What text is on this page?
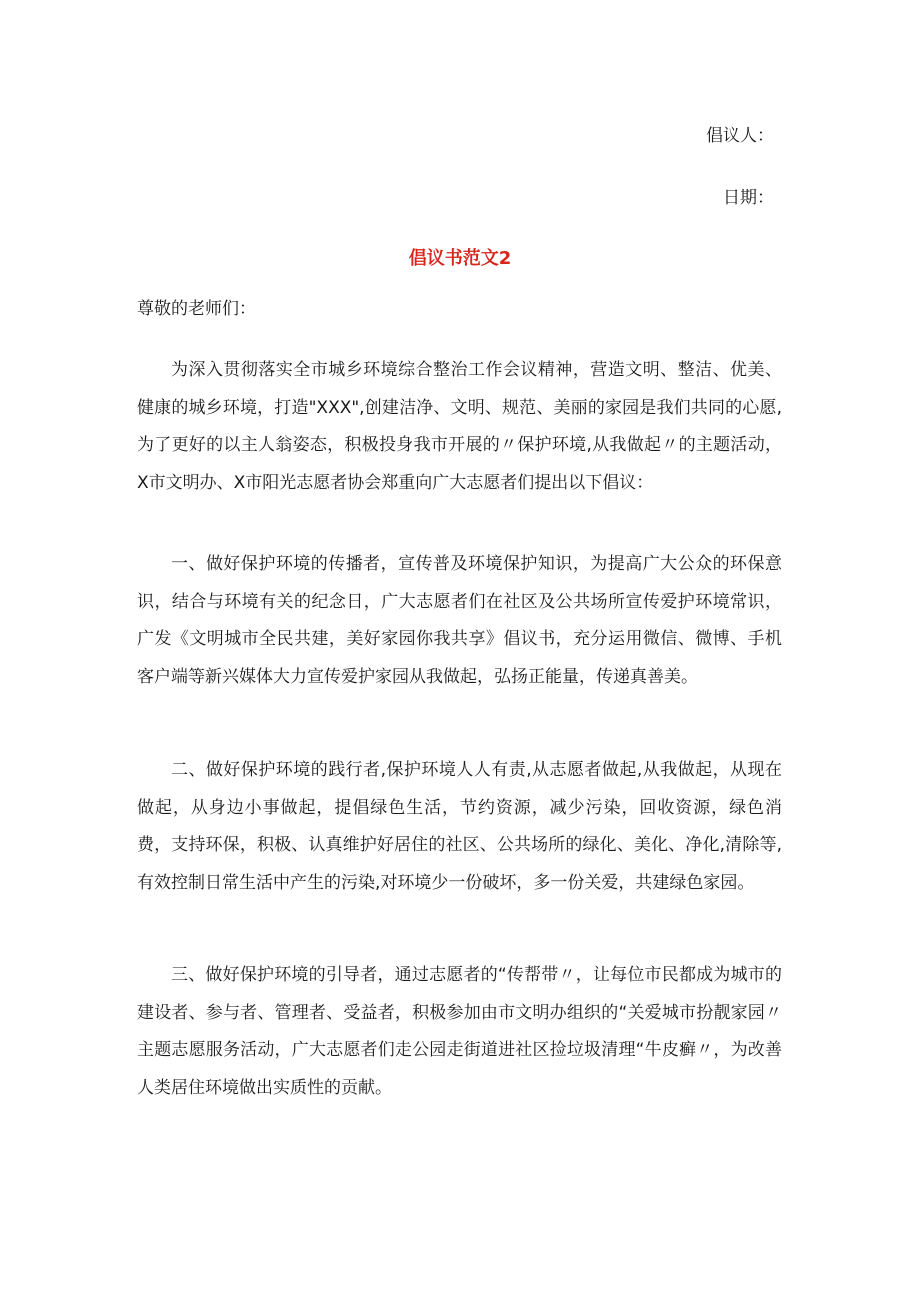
倡议人：
日期：
倡议书范文2
尊敬的老师们：

为深入贯彻落实全市城乡环境综合整治工作会议精神，营造文明、整洁、优美、健康的城乡环境，打造"XXX",创建洁净、文明、规范、美丽的家园是我们共同的心愿,为了更好的以主人翁姿态，积极投身我市开展的〃保护环境,从我做起〃的主题活动，X市文明办、X市阳光志愿者协会郑重向广大志愿者们提出以下倡议：

一、做好保护环境的传播者，宣传普及环境保护知识，为提高广大公众的环保意识，结合与环境有关的纪念日，广大志愿者们在社区及公共场所宣传爱护环境常识，广发《文明城市全民共建，美好家园你我共享》倡议书，充分运用微信、微博、手机客户端等新兴媒体大力宣传爱护家园从我做起，弘扬正能量，传递真善美。

二、做好保护环境的践行者,保护环境人人有责,从志愿者做起,从我做起，从现在做起，从身边小事做起，提倡绿色生活，节约资源，减少污染，回收资源，绿色消费，支持环保，积极、认真维护好居住的社区、公共场所的绿化、美化、净化,清除等,有效控制日常生活中产生的污染,对环境少一份破坏，多一份关爱，共建绿色家园。

三、做好保护环境的引导者，通过志愿者的“传帮带〃，让每位市民都成为城市的建设者、参与者、管理者、受益者，积极参加由市文明办组织的“关爱城市扮靓家园〃主题志愿服务活动，广大志愿者们走公园走街道进社区捡垃圾清理“牛皮癣〃，为改善人类居住环境做出实质性的贡献。
